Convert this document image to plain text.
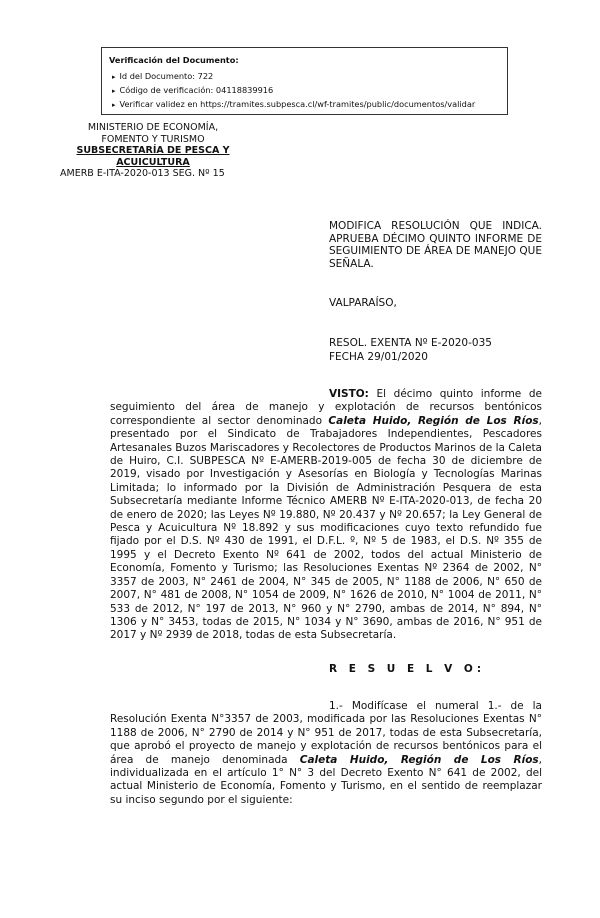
Verificación del Documento:
▸ Id del Documento: 722
▸ Código de verificación: 04118839916
▸ Verificar validez en https://tramites.subpesca.cl/wf-tramites/public/documentos/validar
MINISTERIO DE ECONOMÍA,
FOMENTO Y TURISMO
SUBSECRETARÍA DE PESCA Y ACUICULTURA
AMERB E-ITA-2020-013 SEG. Nº 15
MODIFICA RESOLUCIÓN QUE INDICA. APRUEBA DÉCIMO QUINTO INFORME DE SEGUIMIENTO DE ÁREA DE MANEJO QUE SEÑALA.
VALPARAÍSO,
RESOL. EXENTA Nº E-2020-035
FECHA 29/01/2020

VISTO: El décimo quinto informe de seguimiento del área de manejo y explotación de recursos bentónicos correspondiente al sector denominado Caleta Huido, Región de Los Ríos, presentado por el Sindicato de Trabajadores Independientes, Pescadores Artesanales Buzos Mariscadores y Recolectores de Productos Marinos de la Caleta de Huiro, C.I. SUBPESCA Nº E-AMERB-2019-005 de fecha 30 de diciembre de 2019, visado por Investigación y Asesorías en Biología y Tecnologías Marinas Limitada; lo informado por la División de Administración Pesquera de esta Subsecretaría mediante Informe Técnico AMERB Nº E-ITA-2020-013, de fecha 20 de enero de 2020; las Leyes Nº 19.880, Nº 20.437 y Nº 20.657; la Ley General de Pesca y Acuicultura Nº 18.892 y sus modificaciones cuyo texto refundido fue fijado por el D.S. Nº 430 de 1991, el D.F.L. º, Nº 5 de 1983, el D.S. Nº 355 de 1995 y el Decreto Exento Nº 641 de 2002, todos del actual Ministerio de Economía, Fomento y Turismo; las Resoluciones Exentas Nº 2364 de 2002, N° 3357 de 2003, N° 2461 de 2004, N° 345 de 2005, N° 1188 de 2006, N° 650 de 2007, N° 481 de 2008, N° 1054 de 2009, N° 1626 de 2010, N° 1004 de 2011, N° 533 de 2012, N° 197 de 2013, N° 960 y N° 2790, ambas de 2014, N° 894, N° 1306 y N° 3453, todas de 2015, N° 1034 y N° 3690, ambas de 2016, N° 951 de 2017 y Nº 2939 de 2018, todas de esta Subsecretaría.

R E S U E L V O:

1.- Modifícase el numeral 1.- de la Resolución Exenta N°3357 de 2003, modificada por las Resoluciones Exentas N° 1188 de 2006, N° 2790 de 2014 y N° 951 de 2017, todas de esta Subsecretaría, que aprobó el proyecto de manejo y explotación de recursos bentónicos para el área de manejo denominada Caleta Huido, Región de Los Ríos, individualizada en el artículo 1° N° 3 del Decreto Exento N° 641 de 2002, del actual Ministerio de Economía, Fomento y Turismo, en el sentido de reemplazar su inciso segundo por el siguiente:
